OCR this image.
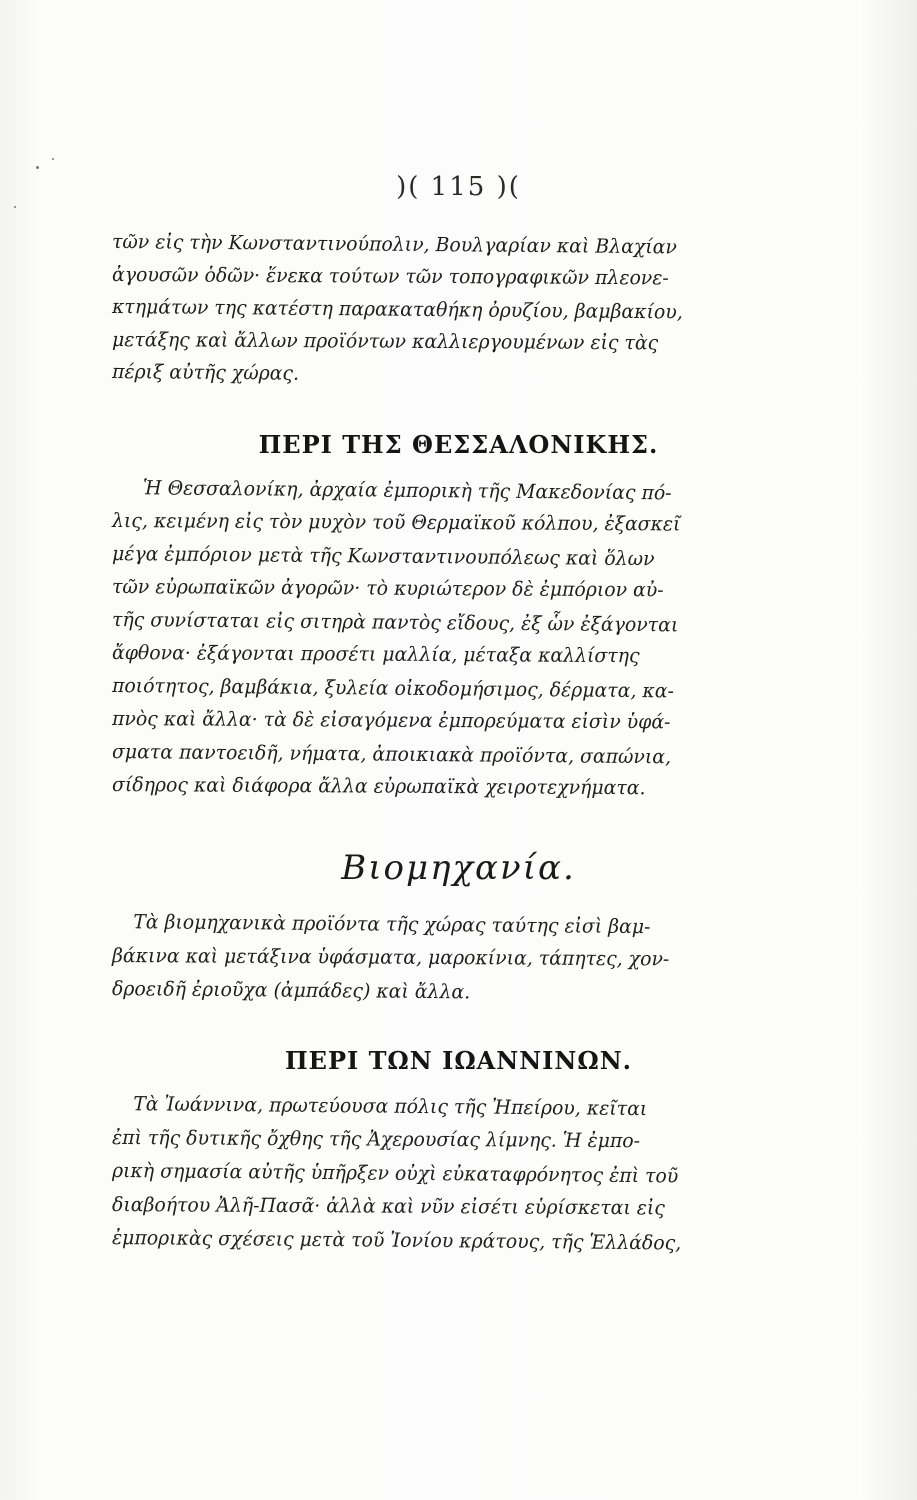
)( 115 )(
τῶν εἰς τὴν Κωνσταντινούπολιν, Βουλγαρίαν καὶ Βλαχίαν
ἀγουσῶν ὁδῶν· ἕνεκα τούτων τῶν τοπογραφικῶν πλεονε-
κτημάτων της κατέστη παρακαταθήκη ὀρυζίου, βαμβακίου,
μετάξης καὶ ἄλλων προϊόντων καλλιεργουμένων εἰς τὰς
πέριξ αὐτῆς χώρας.
ΠΕΡΙ ΤΗΣ ΘΕΣΣΑΛΟΝΙΚΗΣ.
Ἡ Θεσσαλονίκη, ἀρχαία ἐμπορικὴ τῆς Μακεδονίας πό-
λις, κειμένη εἰς τὸν μυχὸν τοῦ Θερμαϊκοῦ κόλπου, ἐξασκεῖ
μέγα ἐμπόριον μετὰ τῆς Κωνσταντινουπόλεως καὶ ὅλων
τῶν εὐρωπαϊκῶν ἀγορῶν· τὸ κυριώτερον δὲ ἐμπόριον αὐ-
τῆς συνίσταται εἰς σιτηρὰ παντὸς εἴδους, ἐξ ὧν ἐξάγονται
ἄφθονα· ἐξάγονται προσέτι μαλλία, μέταξα καλλίστης
ποιότητος, βαμβάκια, ξυλεία οἰκοδομήσιμος, δέρματα, κα-
πνὸς καὶ ἄλλα· τὰ δὲ εἰσαγόμενα ἐμπορεύματα εἰσὶν ὑφά-
σματα παντοειδῆ, νήματα, ἀποικιακὰ προϊόντα, σαπώνια,
σίδηρος καὶ διάφορα ἄλλα εὐρωπαϊκὰ χειροτεχνήματα.
Βιομηχανία.
Τὰ βιομηχανικὰ προϊόντα τῆς χώρας ταύτης εἰσὶ βαμ-
βάκινα καὶ μετάξινα ὑφάσματα, μαροκίνια, τάπητες, χον-
δροειδῆ ἐριοῦχα (ἀμπάδες) καὶ ἄλλα.
ΠΕΡΙ ΤΩΝ ΙΩΑΝΝΙΝΩΝ.
Τὰ Ἰωάννινα, πρωτεύουσα πόλις τῆς Ἠπείρου, κεῖται
ἐπὶ τῆς δυτικῆς ὄχθης τῆς Ἀχερουσίας λίμνης. Ἡ ἐμπο-
ρικὴ σημασία αὐτῆς ὑπῆρξεν οὐχὶ εὐκαταφρόνητος ἐπὶ τοῦ
διαβοήτου Ἀλῆ-Πασᾶ· ἀλλὰ καὶ νῦν εἰσέτι εὑρίσκεται εἰς
ἐμπορικὰς σχέσεις μετὰ τοῦ Ἰονίου κράτους, τῆς Ἑλλάδος,
